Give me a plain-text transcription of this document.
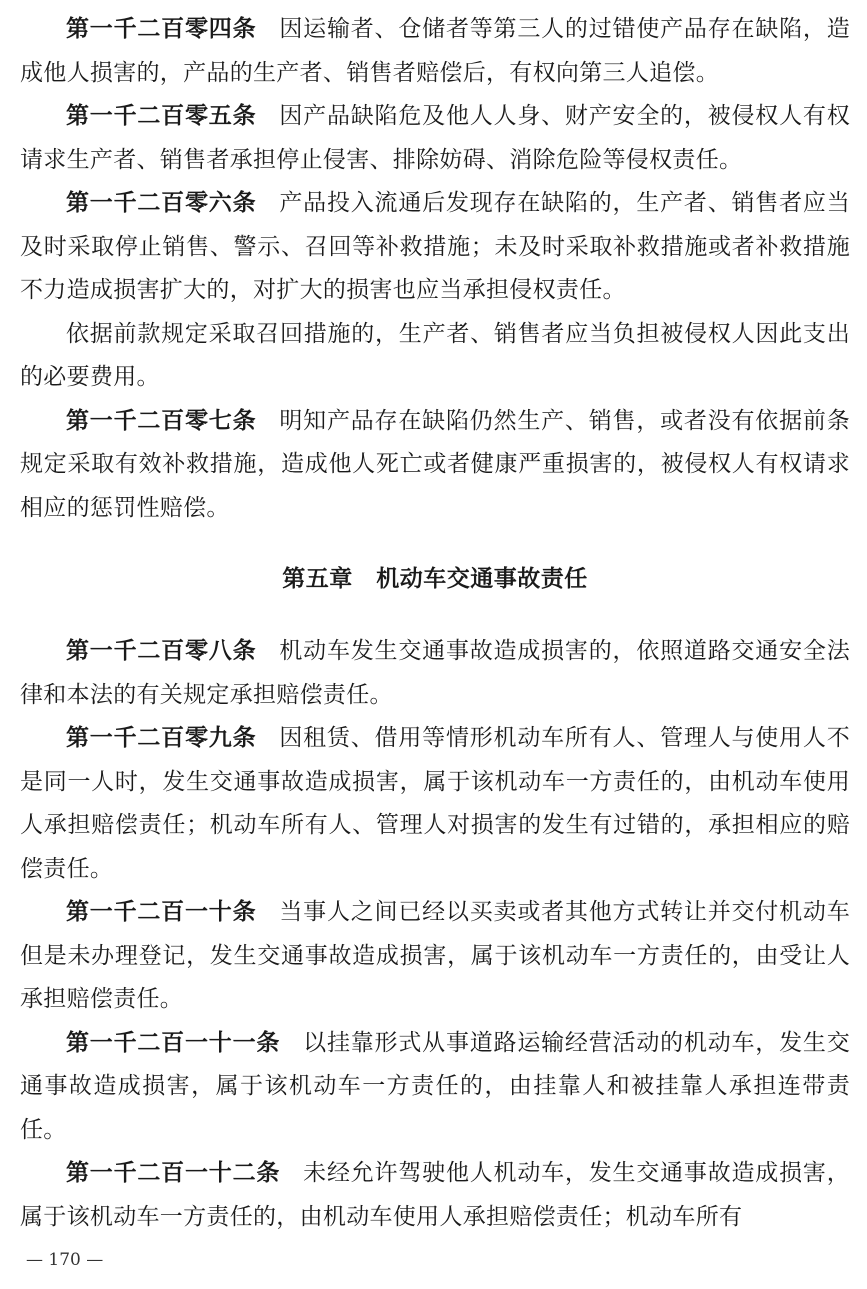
第一千二百零四条 因运输者、仓储者等第三人的过错使产品存在缺陷，造成他人损害的，产品的生产者、销售者赔偿后，有权向第三人追偿。

第一千二百零五条 因产品缺陷危及他人人身、财产安全的，被侵权人有权请求生产者、销售者承担停止侵害、排除妨碍、消除危险等侵权责任。

第一千二百零六条 产品投入流通后发现存在缺陷的，生产者、销售者应当及时采取停止销售、警示、召回等补救措施；未及时采取补救措施或者补救措施不力造成损害扩大的，对扩大的损害也应当承担侵权责任。

依据前款规定采取召回措施的，生产者、销售者应当负担被侵权人因此支出的必要费用。

第一千二百零七条 明知产品存在缺陷仍然生产、销售，或者没有依据前条规定采取有效补救措施，造成他人死亡或者健康严重损害的，被侵权人有权请求相应的惩罚性赔偿。

第五章　机动车交通事故责任

第一千二百零八条 机动车发生交通事故造成损害的，依照道路交通安全法律和本法的有关规定承担赔偿责任。

第一千二百零九条 因租赁、借用等情形机动车所有人、管理人与使用人不是同一人时，发生交通事故造成损害，属于该机动车一方责任的，由机动车使用人承担赔偿责任；机动车所有人、管理人对损害的发生有过错的，承担相应的赔偿责任。

第一千二百一十条 当事人之间已经以买卖或者其他方式转让并交付机动车但是未办理登记，发生交通事故造成损害，属于该机动车一方责任的，由受让人承担赔偿责任。

第一千二百一十一条 以挂靠形式从事道路运输经营活动的机动车，发生交通事故造成损害，属于该机动车一方责任的，由挂靠人和被挂靠人承担连带责任。

第一千二百一十二条 未经允许驾驶他人机动车，发生交通事故造成损害，属于该机动车一方责任的，由机动车使用人承担赔偿责任；机动车所有

— 170 —
